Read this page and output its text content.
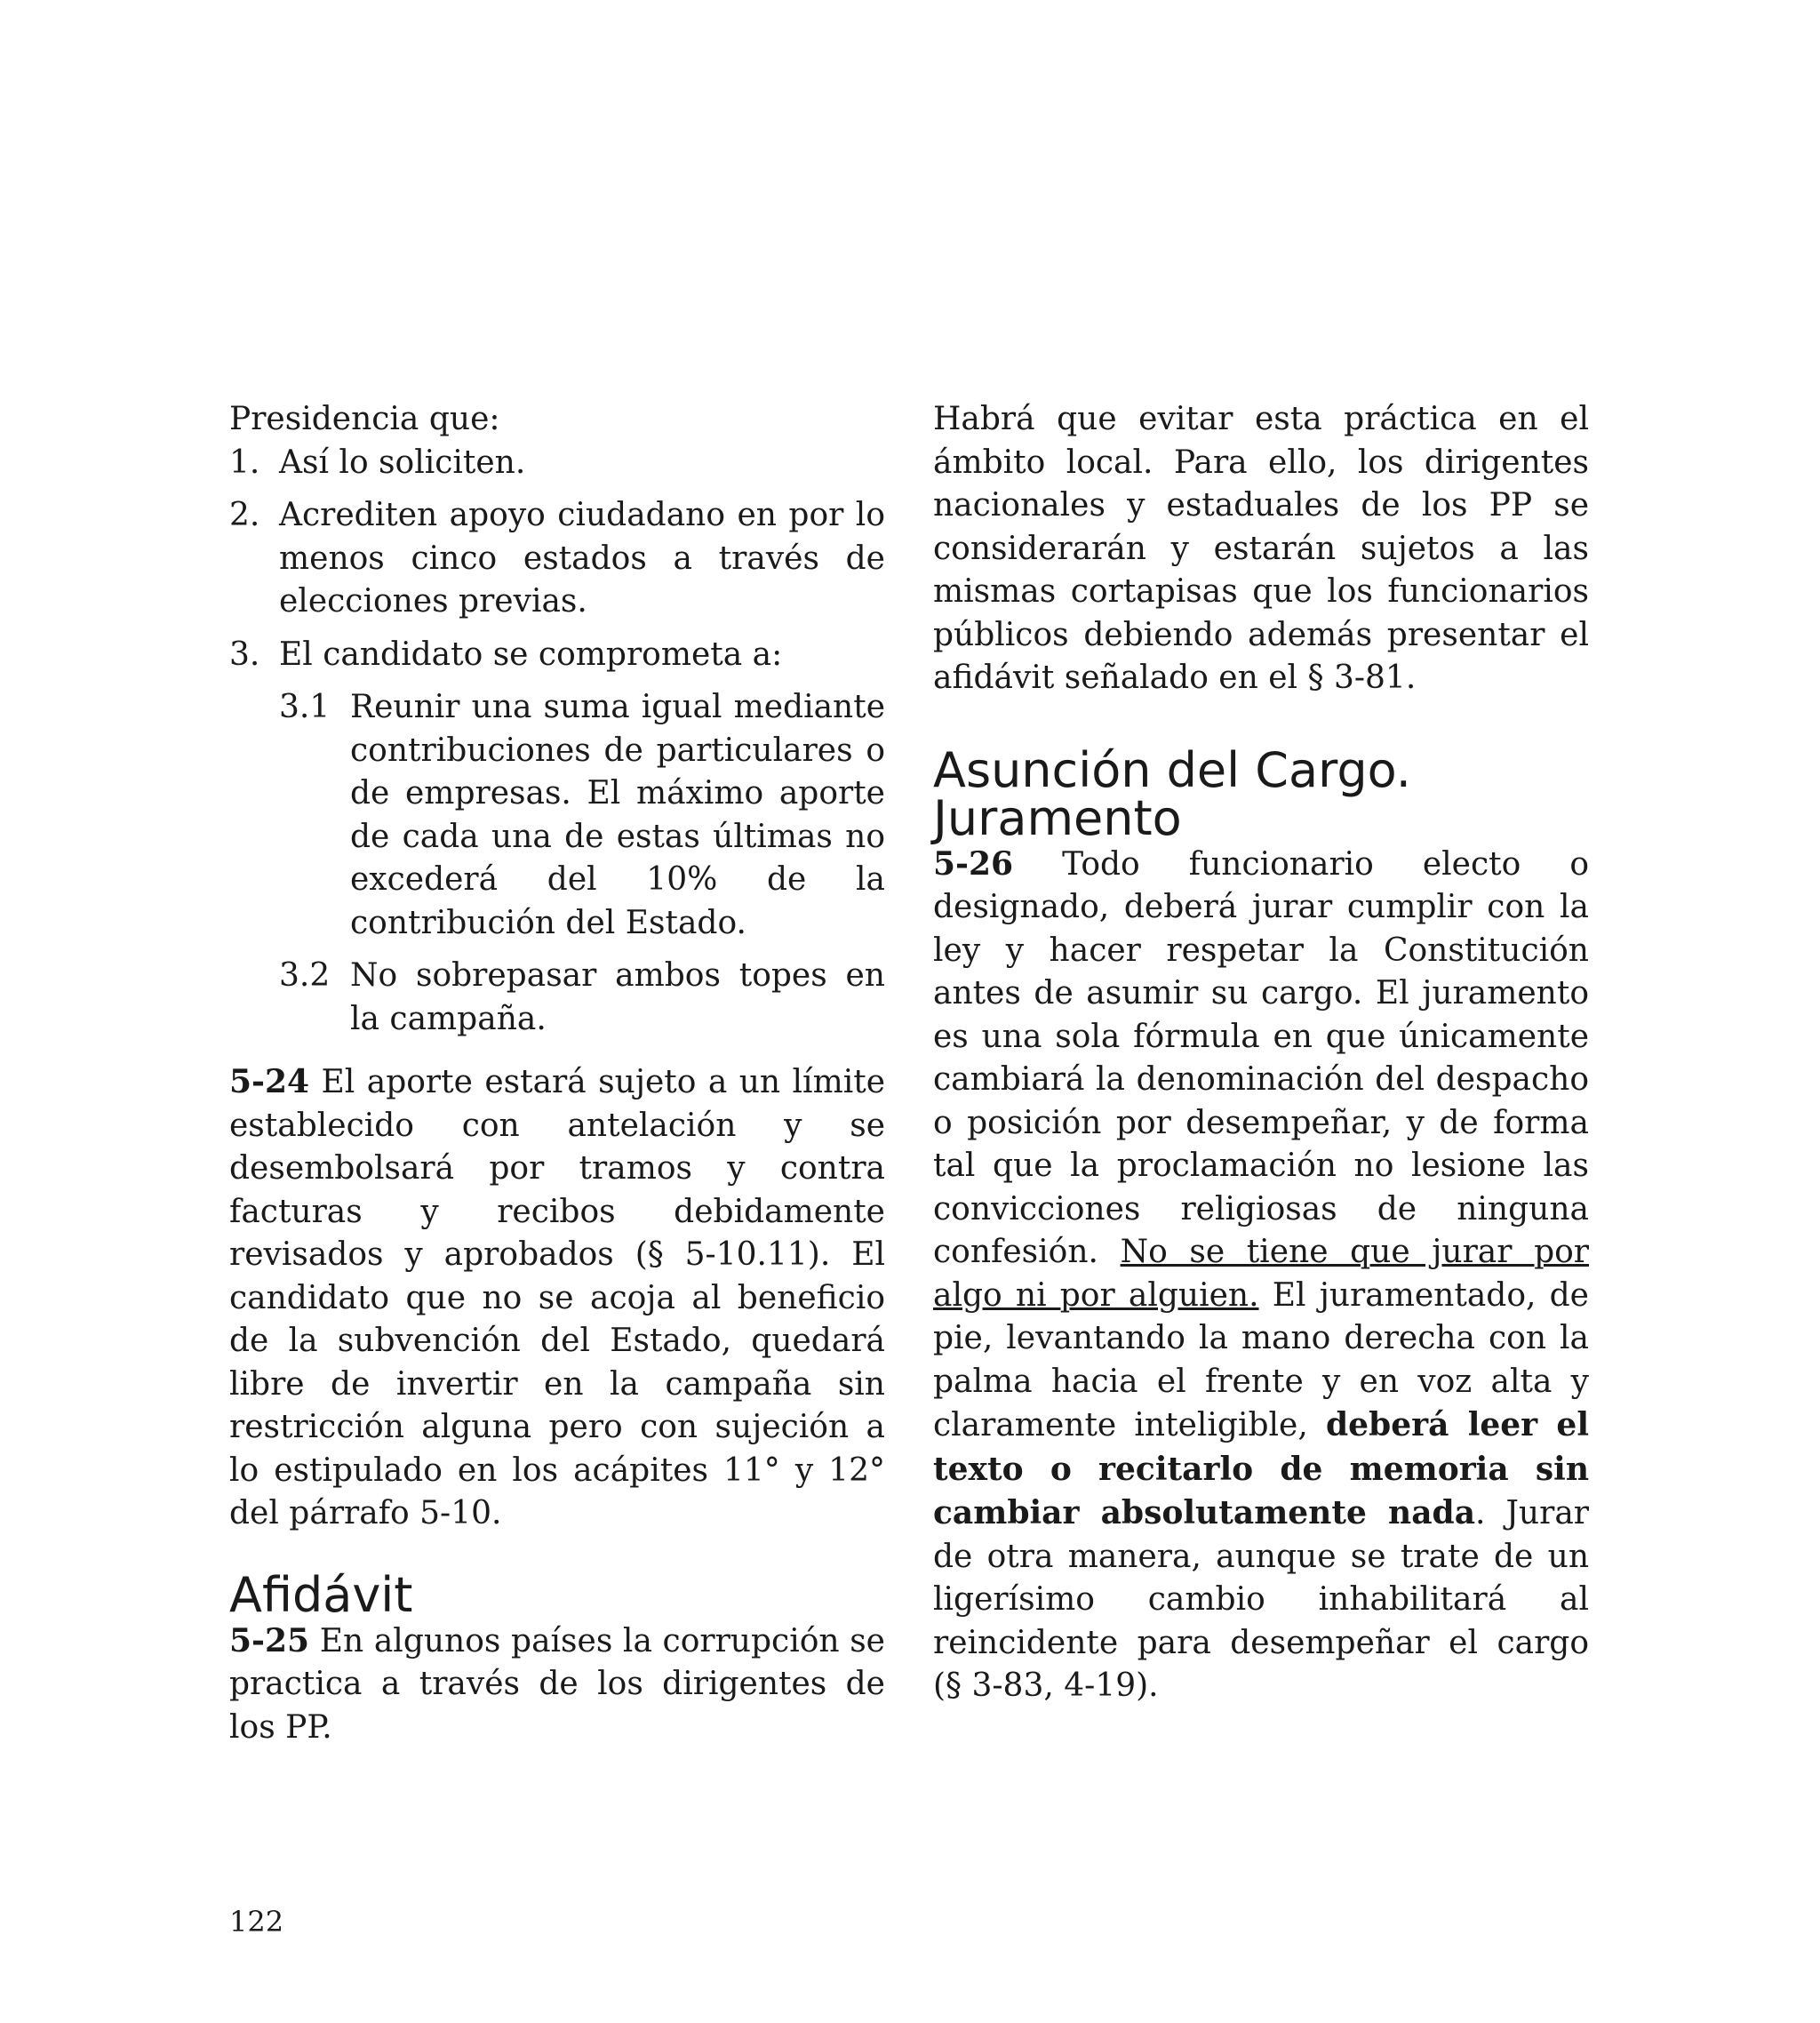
Presidencia que:

1. Así lo soliciten.
2. Acrediten apoyo ciudadano en por lo menos cinco estados a través de elecciones previas.
3. El candidato se comprometa a:
3.1 Reunir una suma igual mediante contribuciones de particulares o de empresas. El máximo aporte de cada una de estas últimas no excederá del 10% de la contribución del Estado.
3.2 No sobrepasar ambos topes en la campaña.

5-24 El aporte estará sujeto a un límite establecido con antelación y se desembolsará por tramos y contra facturas y recibos debidamente revisados y aprobados (§ 5-10.11). El candidato que no se acoja al beneficio de la subvención del Estado, quedará libre de invertir en la campaña sin restricción alguna pero con sujeción a lo estipulado en los acápites 11° y 12° del párrafo 5-10.

Afidávit

5-25 En algunos países la corrupción se practica a través de los dirigentes de los PP.

Habrá que evitar esta práctica en el ámbito local. Para ello, los dirigentes nacionales y estaduales de los PP se considerarán y estarán sujetos a las mismas cortapisas que los funcionarios públicos debiendo además presentar el afidávit señalado en el § 3-81.

Asunción del Cargo. Juramento

5-26 Todo funcionario electo o designado, deberá jurar cumplir con la ley y hacer respetar la Constitución antes de asumir su cargo. El juramento es una sola fórmula en que únicamente cambiará la denominación del despacho o posición por desempeñar, y de forma tal que la proclamación no lesione las convicciones religiosas de ninguna confesión. No se tiene que jurar por algo ni por alguien. El juramentado, de pie, levantando la mano derecha con la palma hacia el frente y en voz alta y claramente inteligible, deberá leer el texto o recitarlo de memoria sin cambiar absolutamente nada. Jurar de otra manera, aunque se trate de un ligerísimo cambio inhabilitará al reincidente para desempeñar el cargo (§ 3-83, 4-19).

122
